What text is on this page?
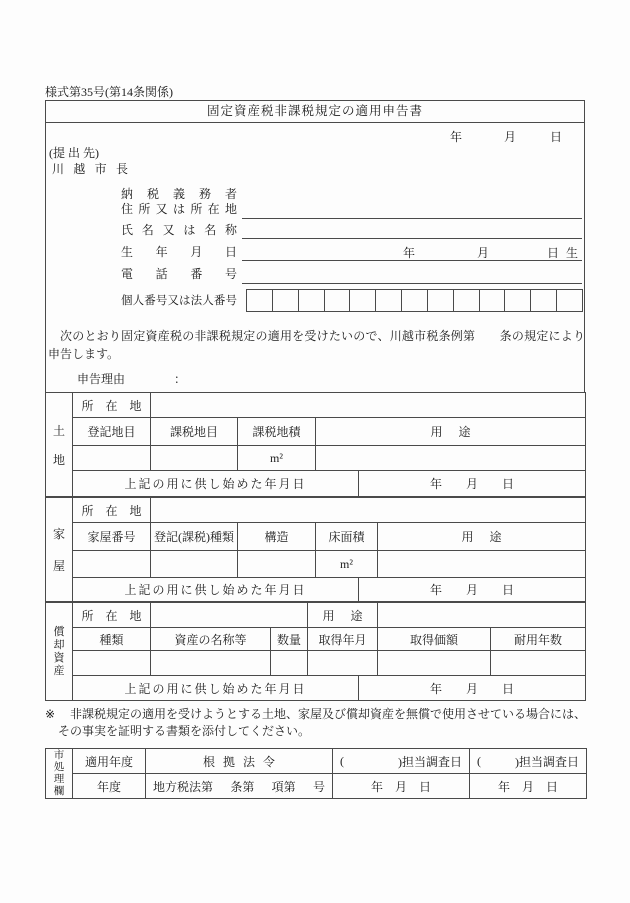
様式第35号(第14条関係)
固定資産税非課税規定の適用申告書
年	月	日
(提 出 先)
川越市長
納税義務者
住所又は所在地
氏名又は名称
生年月日	年	月	日 生
電話番号
個人番号又は法人番号
次のとおり固定資産税の非課税規定の適用を受けたいので、川越市税条例第　　条の規定により申告します。
申告理由	：
土
地	所在地				
	登記地目	課税地目	課税地積	用途	
			m²		
	上記の用に供し始めた年月日				年　　月　　日
家
屋	所在地					
	家屋番号	登記(課税)種類	構造	床面積		用途
				m²		
	上記の用に供し始めた年月日				年　　月　　日	
償
却
資
産	所在地			用途			
	種類	資産の名称等	数量	取得年月		取得価額	耐用年数

	上記の用に供し始めた年月日				年　　月　　日		
※	非課税規定の適用を受けようとする土地、家屋及び償却資産を無償で使用させている場合には、その事実を証明する書類を添付してください。
市
処
理
欄	適用年度	根拠法令	( )担当調査日	( )担当調査日

	年度	地方税法第 条第 項第 号	年　月　日	年　月　日
